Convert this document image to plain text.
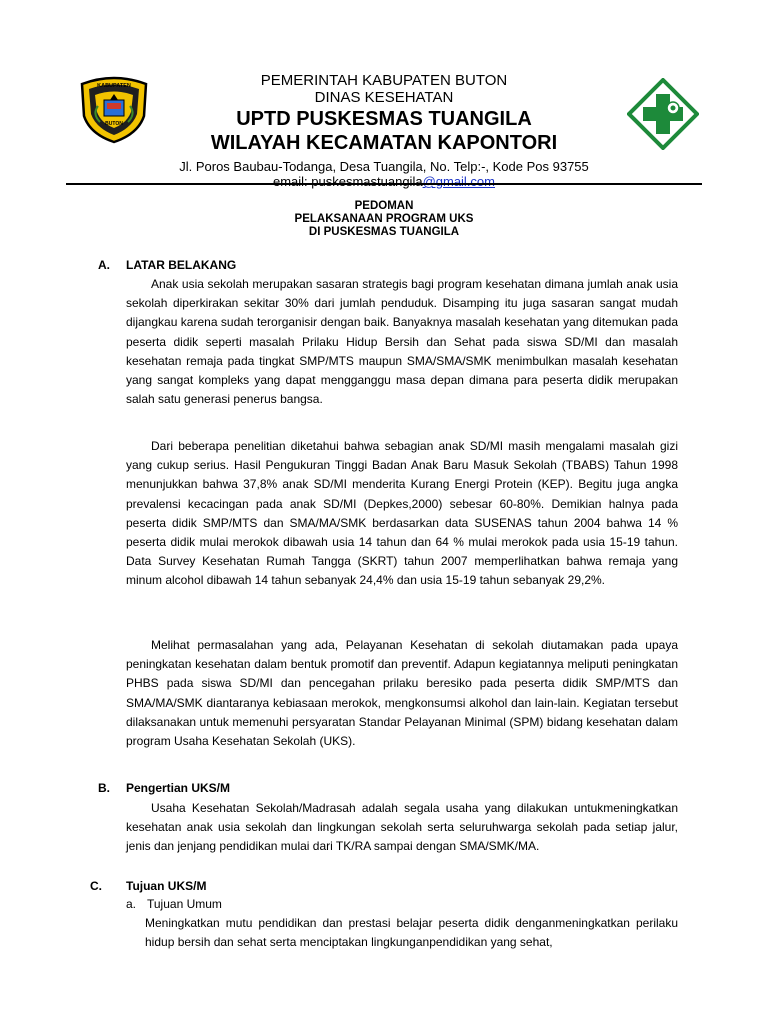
KABUPATEN
BUTON
PEMERINTAH KABUPATEN BUTON
DINAS KESEHATAN
UPTD PUSKESMAS TUANGILA
WILAYAH KECAMATAN KAPONTORI
Jl. Poros Baubau-Todanga, Desa Tuangila, No. Telp:-, Kode Pos 93755
email: puskesmastuangila@gmail.com
PEDOMAN
PELAKSANAAN PROGRAM UKS
DI PUSKESMAS TUANGILA
A. LATAR BELAKANG
Anak usia sekolah merupakan sasaran strategis bagi program kesehatan dimana jumlah anak usia sekolah diperkirakan sekitar 30% dari jumlah penduduk. Disamping itu juga sasaran sangat mudah dijangkau karena sudah terorganisir dengan baik. Banyaknya masalah kesehatan yang ditemukan pada peserta didik seperti masalah Prilaku Hidup Bersih dan Sehat pada siswa SD/MI dan masalah kesehatan remaja pada tingkat SMP/MTS maupun SMA/SMA/SMK menimbulkan masalah kesehatan yang sangat kompleks yang dapat mengganggu masa depan dimana para peserta didik merupakan salah satu generasi penerus bangsa.
Dari beberapa penelitian diketahui bahwa sebagian anak SD/MI masih mengalami masalah gizi yang cukup serius. Hasil Pengukuran Tinggi Badan Anak Baru Masuk Sekolah (TBABS) Tahun 1998 menunjukkan bahwa 37,8% anak SD/MI menderita Kurang Energi Protein (KEP). Begitu juga angka prevalensi kecacingan pada anak SD/MI (Depkes,2000) sebesar 60-80%. Demikian halnya pada peserta didik SMP/MTS dan SMA/MA/SMK berdasarkan data SUSENAS tahun 2004 bahwa 14 % peserta didik mulai merokok dibawah usia 14 tahun dan 64 % mulai merokok pada usia 15-19 tahun. Data Survey Kesehatan Rumah Tangga (SKRT) tahun 2007 memperlihatkan bahwa remaja yang minum alcohol dibawah 14 tahun sebanyak 24,4% dan usia 15-19 tahun sebanyak 29,2%.
Melihat permasalahan yang ada, Pelayanan Kesehatan di sekolah diutamakan pada upaya peningkatan kesehatan dalam bentuk promotif dan preventif. Adapun kegiatannya meliputi peningkatan PHBS pada siswa SD/MI dan pencegahan prilaku beresiko pada peserta didik SMP/MTS dan SMA/MA/SMK diantaranya kebiasaan merokok, mengkonsumsi alkohol dan lain-lain. Kegiatan tersebut dilaksanakan untuk memenuhi persyaratan Standar Pelayanan Minimal (SPM) bidang kesehatan dalam program Usaha Kesehatan Sekolah (UKS).
B. Pengertian UKS/M
Usaha Kesehatan Sekolah/Madrasah adalah segala usaha yang dilakukan untukmeningkatkan kesehatan anak usia sekolah dan lingkungan sekolah serta seluruhwarga sekolah pada setiap jalur, jenis dan jenjang pendidikan mulai dari TK/RA sampai dengan SMA/SMK/MA.
C. Tujuan UKS/M
a. Tujuan Umum
Meningkatkan mutu pendidikan dan prestasi belajar peserta didik denganmeningkatkan perilaku hidup bersih dan sehat serta menciptakan lingkunganpendidikan yang sehat,
